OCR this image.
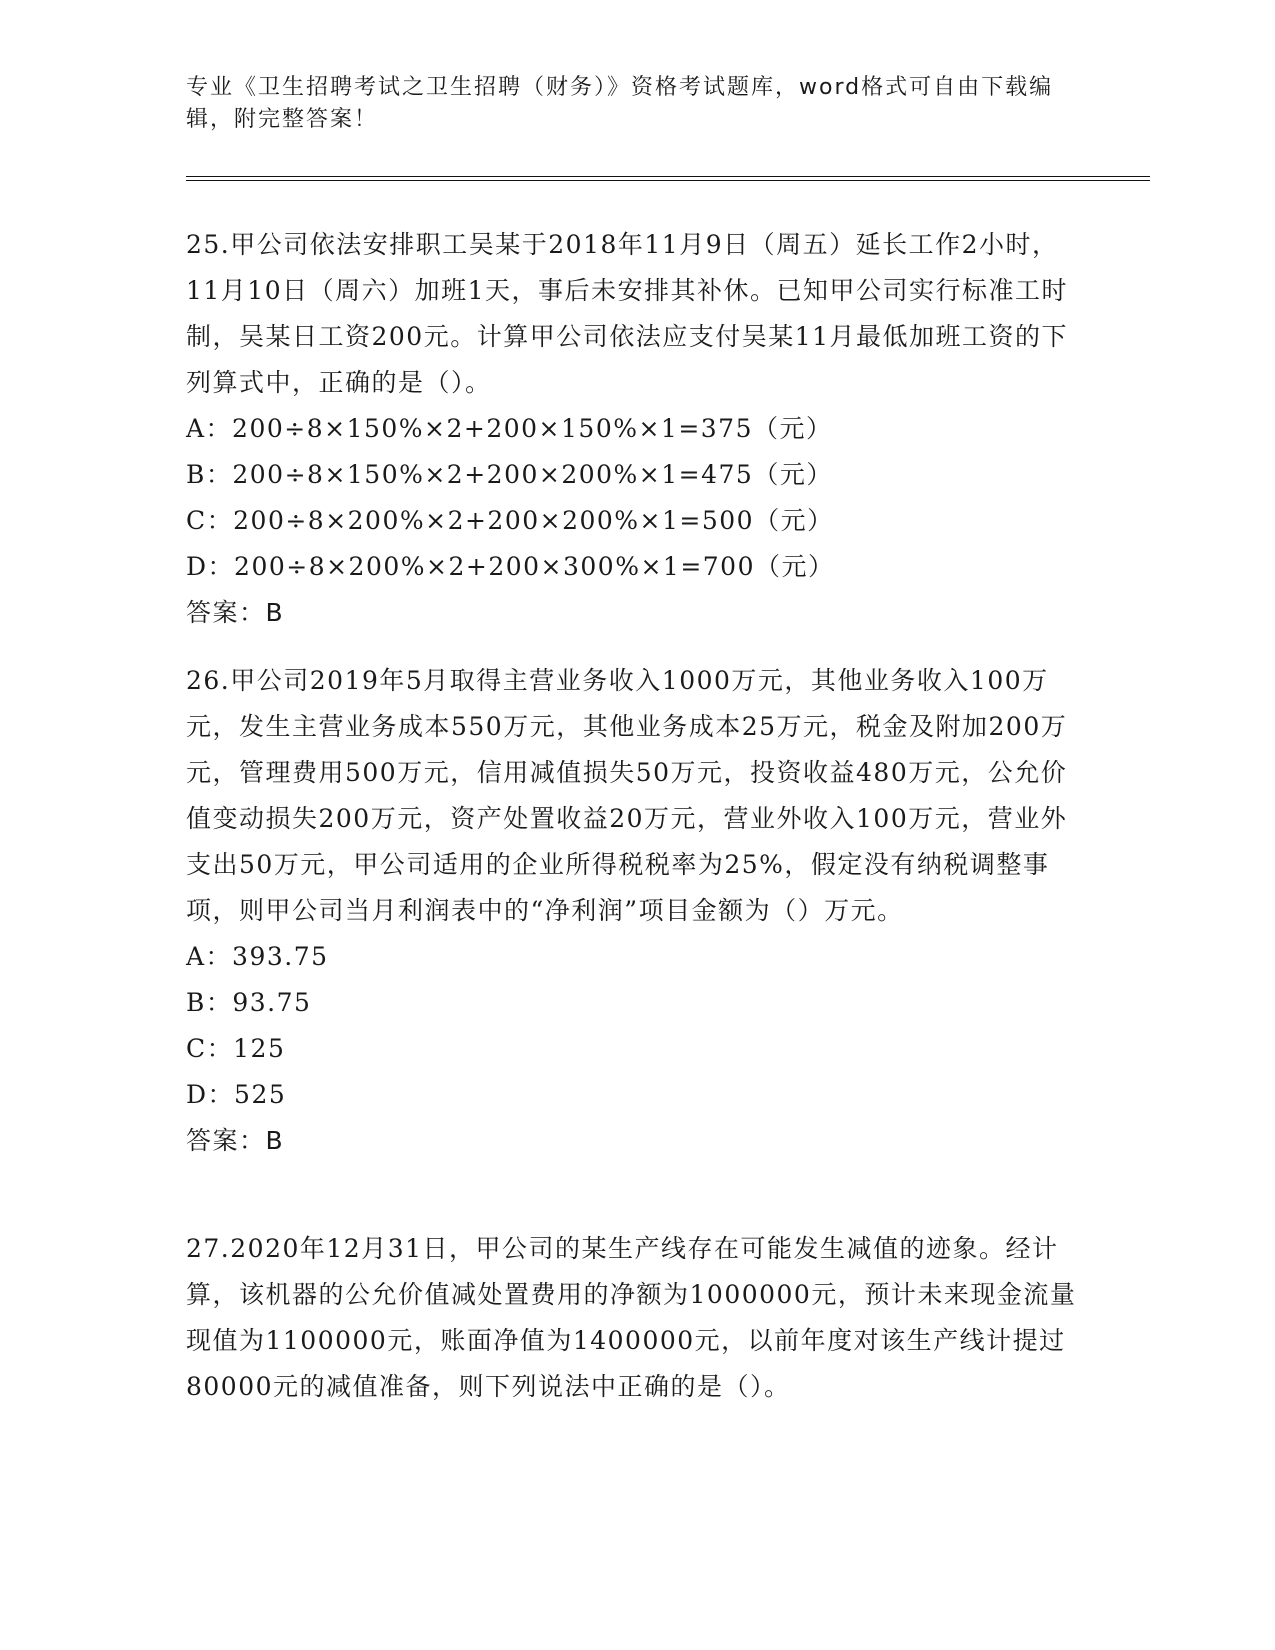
专业《卫生招聘考试之卫生招聘（财务）》资格考试题库，word格式可自由下载编辑，附完整答案！

25.甲公司依法安排职工吴某于2018年11月9日（周五）延长工作2小时，11月10日（周六）加班1天，事后未安排其补休。已知甲公司实行标准工时制，吴某日工资200元。计算甲公司依法应支付吴某11月最低加班工资的下列算式中，正确的是（）。

A：200÷8×150%×2+200×150%×1=375（元）

B：200÷8×150%×2+200×200%×1=475（元）

C：200÷8×200%×2+200×200%×1=500（元）

D：200÷8×200%×2+200×300%×1=700（元）

答案：B

26.甲公司2019年5月取得主营业务收入1000万元，其他业务收入100万元，发生主营业务成本550万元，其他业务成本25万元，税金及附加200万元，管理费用500万元，信用减值损失50万元，投资收益480万元，公允价值变动损失200万元，资产处置收益20万元，营业外收入100万元，营业外支出50万元，甲公司适用的企业所得税税率为25%，假定没有纳税调整事项，则甲公司当月利润表中的“净利润”项目金额为（）万元。

A：393.75

B：93.75

C：125

D：525

答案：B

27.2020年12月31日，甲公司的某生产线存在可能发生减值的迹象。经计算，该机器的公允价值减处置费用的净额为1000000元，预计未来现金流量现值为1100000元，账面净值为1400000元，以前年度对该生产线计提过80000元的减值准备，则下列说法中正确的是（）。
